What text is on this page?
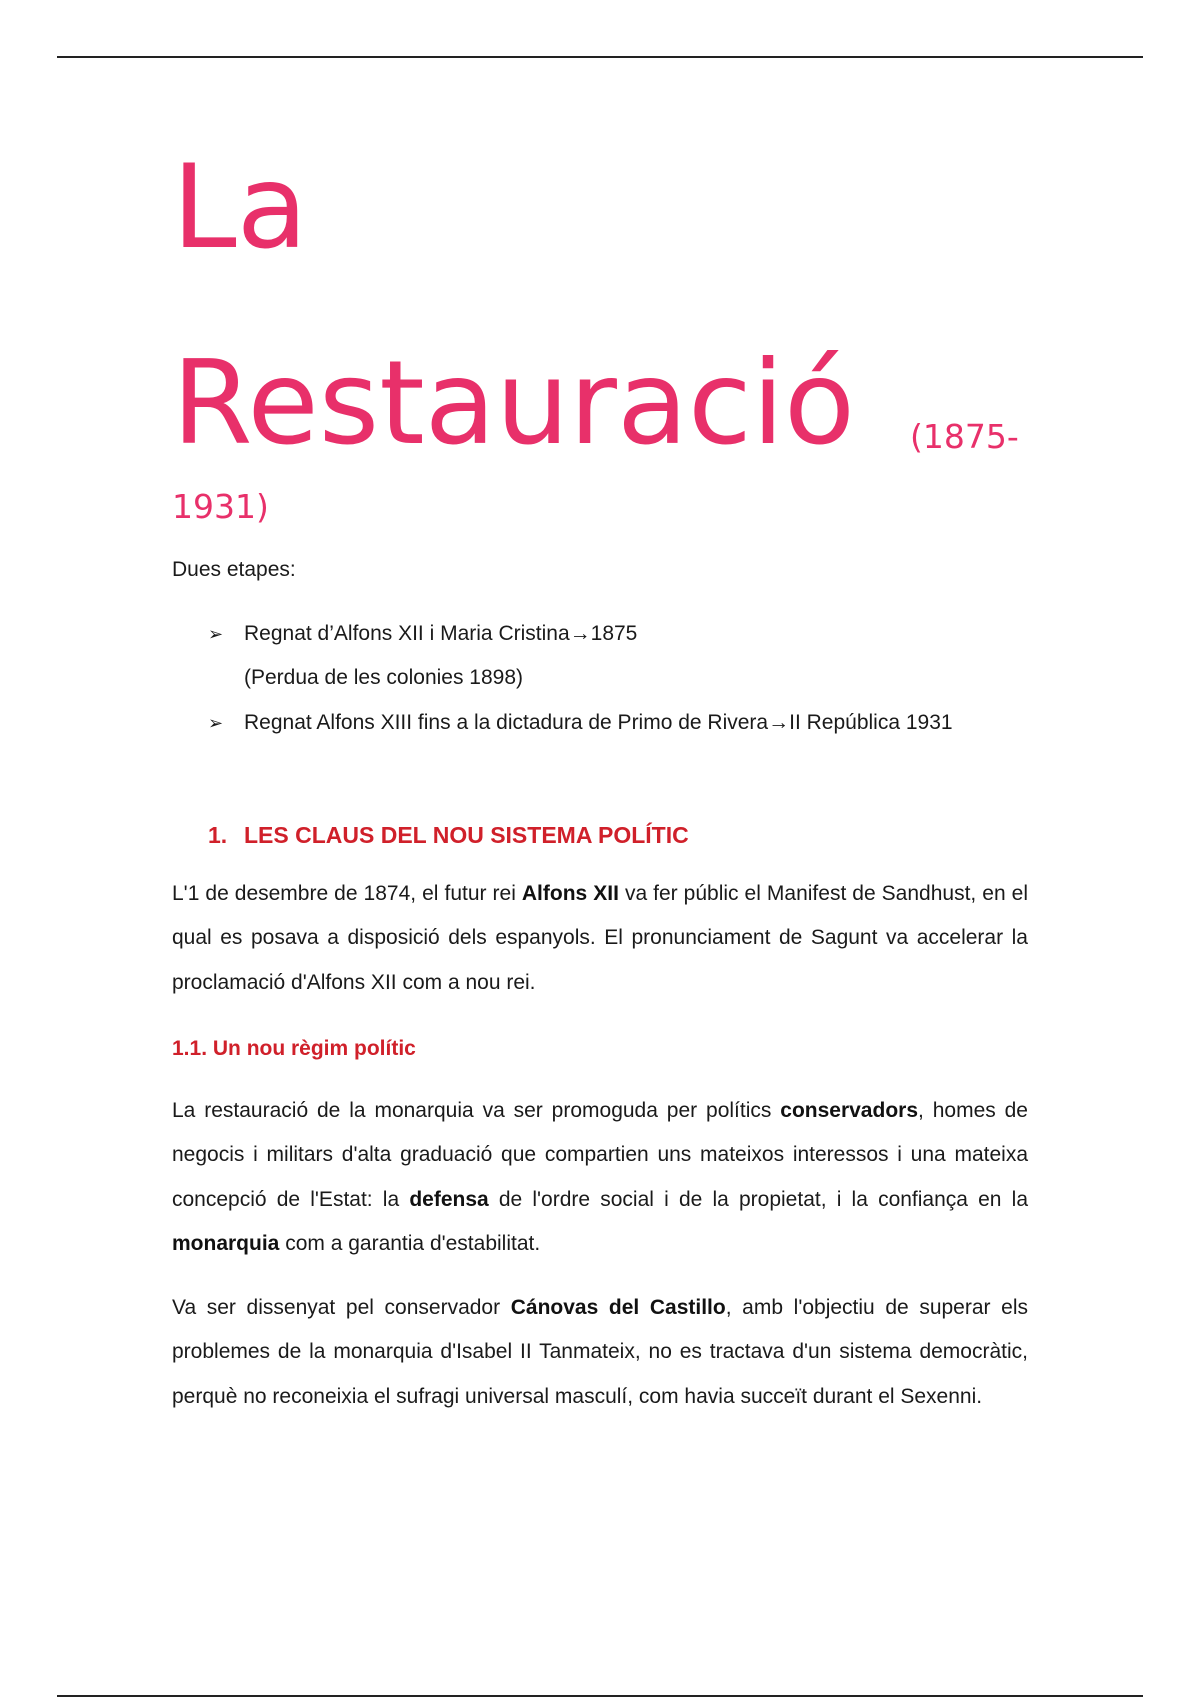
La
Restauració (1875-
1931)
Dues etapes:
➢ Regnat d’Alfons XII i Maria Cristina→1875
(Perdua de les colonies 1898)
➢ Regnat Alfons XIII fins a la dictadura de Primo de Rivera→II República 1931
1. LES CLAUS DEL NOU SISTEMA POLÍTIC
L'1 de desembre de 1874, el futur rei Alfons XII va fer públic el Manifest de Sandhust, en el qual es posava a disposició dels espanyols. El pronunciament de Sagunt va accelerar la proclamació d'Alfons XII com a nou rei.
1.1. Un nou règim polític
La restauració de la monarquia va ser promoguda per polítics conservadors, homes de negocis i militars d'alta graduació que compartien uns mateixos interessos i una mateixa concepció de l'Estat: la defensa de l'ordre social i de la propietat, i la confiança en la monarquia com a garantia d'estabilitat.
Va ser dissenyat pel conservador Cánovas del Castillo, amb l'objectiu de superar els problemes de la monarquia d'Isabel II Tanmateix, no es tractava d'un sistema democràtic, perquè no reconeixia el sufragi universal masculí, com havia succeït durant el Sexenni.
